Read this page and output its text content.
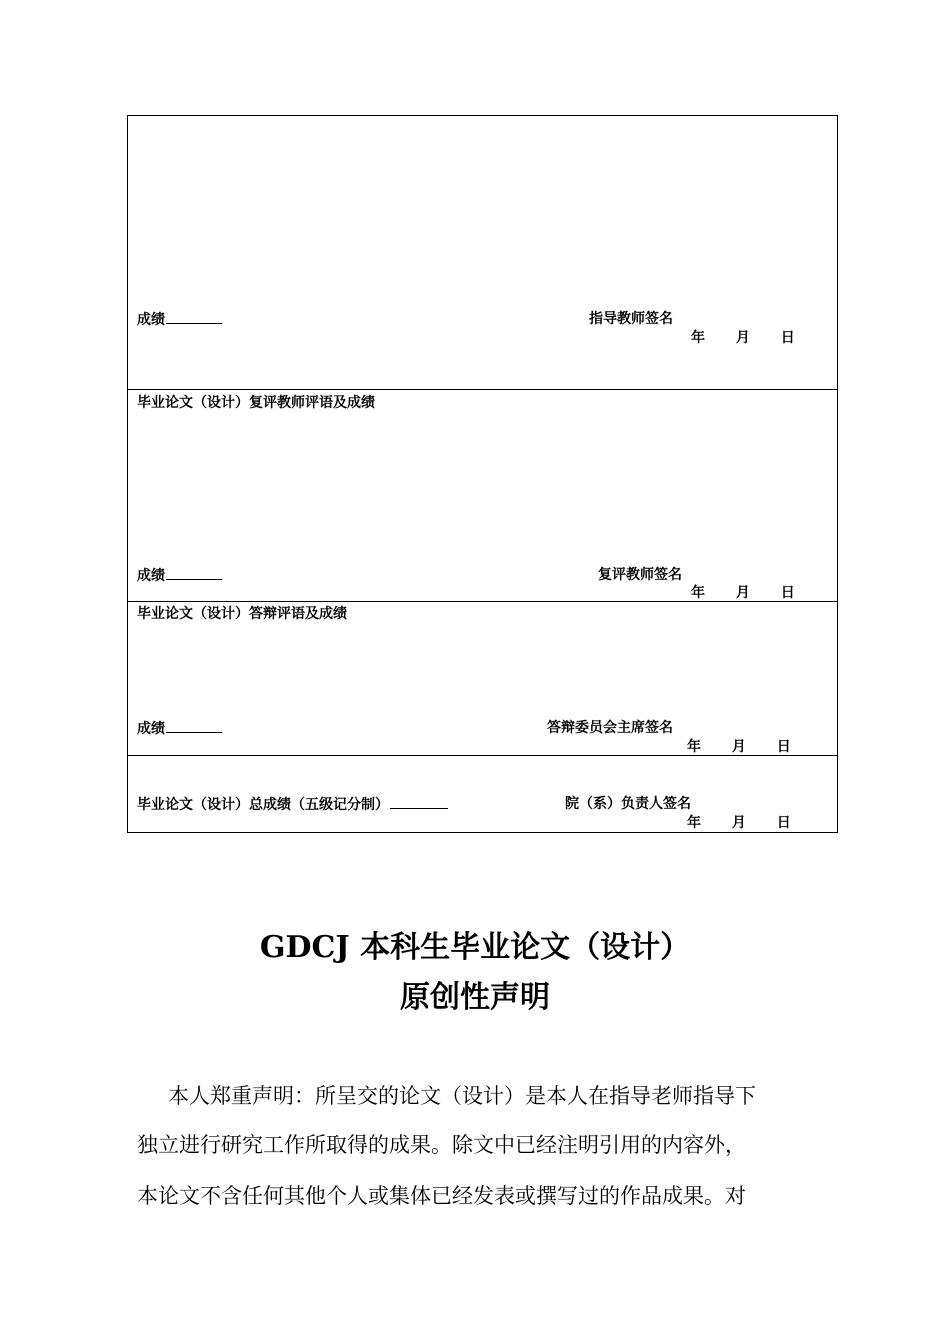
成绩	指导教师签名
年 月 日
毕业论文（设计）复评教师评语及成绩
成绩	复评教师签名
年 月 日
毕业论文（设计）答辩评语及成绩
成绩	答辩委员会主席签名
年 月 日
毕业论文（设计）总成绩（五级记分制）	院（系）负责人签名
年 月 日
GDCJ 本科生毕业论文（设计）
原创性声明
本人郑重声明：所呈交的论文（设计）是本人在指导老师指导下
独立进行研究工作所取得的成果。除文中已经注明引用的内容外，
本论文不含任何其他个人或集体已经发表或撰写过的作品成果。对
